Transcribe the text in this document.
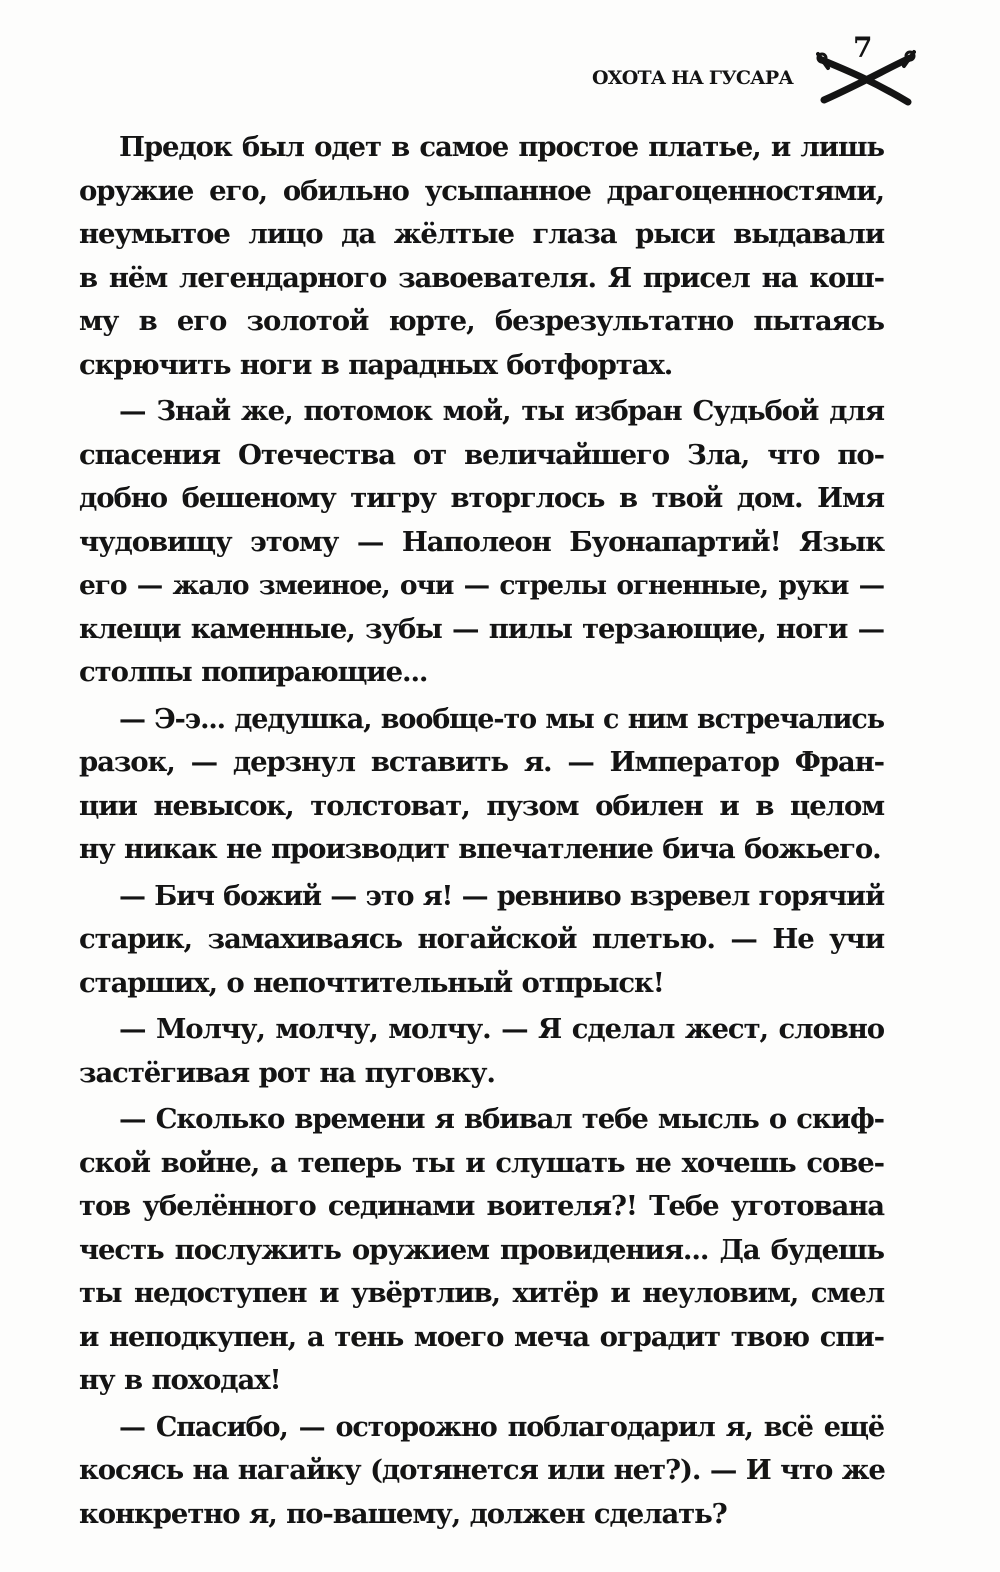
7
ОХОТА НА ГУСАРА

Предок был одет в самое простое платье, и лишь
оружие его, обильно усыпанное драгоценностями,
неумытое лицо да жёлтые глаза рыси выдавали
в нём легендарного завоевателя. Я присел на кош-
му в его золотой юрте, безрезультатно пытаясь
скрючить ноги в парадных ботфортах.

— Знай же, потомок мой, ты избран Судьбой для
спасения Отечества от величайшего Зла, что по-
добно бешеному тигру вторглось в твой дом. Имя
чудовищу этому — Наполеон Буонапартий! Язык
его — жало змеиное, очи — стрелы огненные, руки —
клещи каменные, зубы — пилы терзающие, ноги —
столпы попирающие...

— Э-э... дедушка, вообще-то мы с ним встречались
разок, — дерзнул вставить я. — Император Фран-
ции невысок, толстоват, пузом обилен и в целом
ну никак не производит впечатление бича божьего.

— Бич божий — это я! — ревниво взревел горячий
старик, замахиваясь ногайской плетью. — Не учи
старших, о непочтительный отпрыск!

— Молчу, молчу, молчу. — Я сделал жест, словно
застёгивая рот на пуговку.

— Сколько времени я вбивал тебе мысль о скиф-
ской войне, а теперь ты и слушать не хочешь сове-
тов убелённого сединами воителя?! Тебе уготована
честь послужить оружием провидения... Да будешь
ты недоступен и увёртлив, хитёр и неуловим, смел
и неподкупен, а тень моего меча оградит твою спи-
ну в походах!

— Спасибо, — осторожно поблагодарил я, всё ещё
косясь на нагайку (дотянется или нет?). — И что же
конкретно я, по-вашему, должен сделать?
